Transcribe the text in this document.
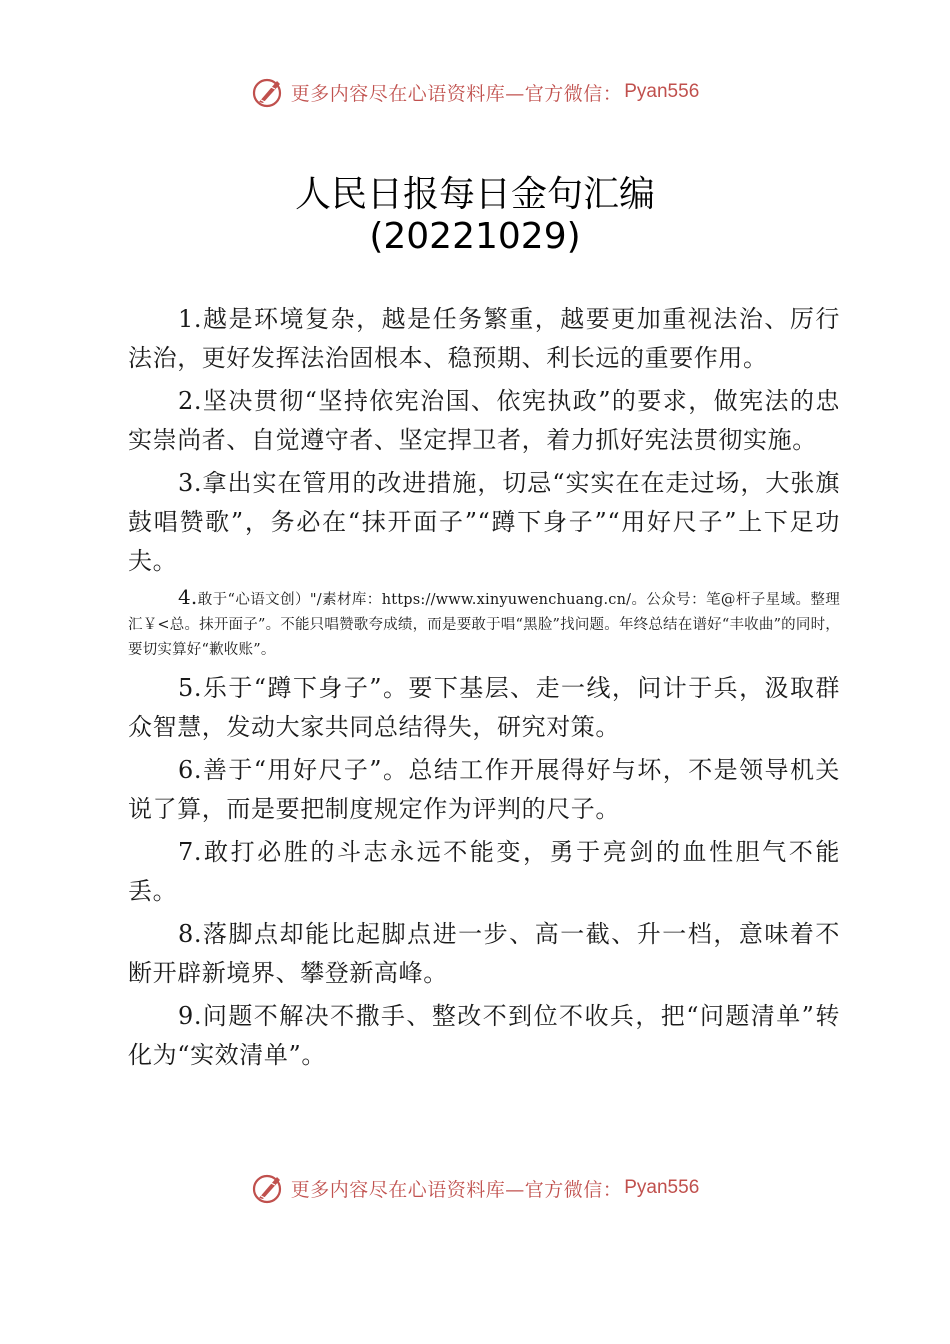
更多内容尽在心语资料库—官方微信： Pyan556
人民日报每日金句汇编
(20221029)

1.越是环境复杂，越是任务繁重，越要更加重视法治、厉行法治，更好发挥法治固根本、稳预期、利长远的重要作用。

2.坚决贯彻“坚持依宪治国、依宪执政”的要求，做宪法的忠实崇尚者、自觉遵守者、坚定捍卫者，着力抓好宪法贯彻实施。

3.拿出实在管用的改进措施，切忌“实实在在走过场，大张旗鼓唱赞歌”，务必在“抹开面子”“蹲下身子”“用好尺子”上下足功夫。

4.敢于“心语文创）"/素材库：https://www.xinyuwenchuang.cn/。公众号：笔@杆子星域。整理汇￥<总。抹开面子”。不能只唱赞歌夸成绩，而是要敢于唱“黑脸”找问题。年终总结在谱好“丰收曲”的同时，要切实算好“歉收账”。

5.乐于“蹲下身子”。要下基层、走一线，问计于兵，汲取群众智慧，发动大家共同总结得失，研究对策。

6.善于“用好尺子”。总结工作开展得好与坏，不是领导机关说了算，而是要把制度规定作为评判的尺子。

7.敢打必胜的斗志永远不能变，勇于亮剑的血性胆气不能丢。

8.落脚点却能比起脚点进一步、高一截、升一档，意味着不断开辟新境界、攀登新高峰。

9.问题不解决不撒手、整改不到位不收兵，把“问题清单”转化为“实效清单”。

更多内容尽在心语资料库—官方微信： Pyan556
